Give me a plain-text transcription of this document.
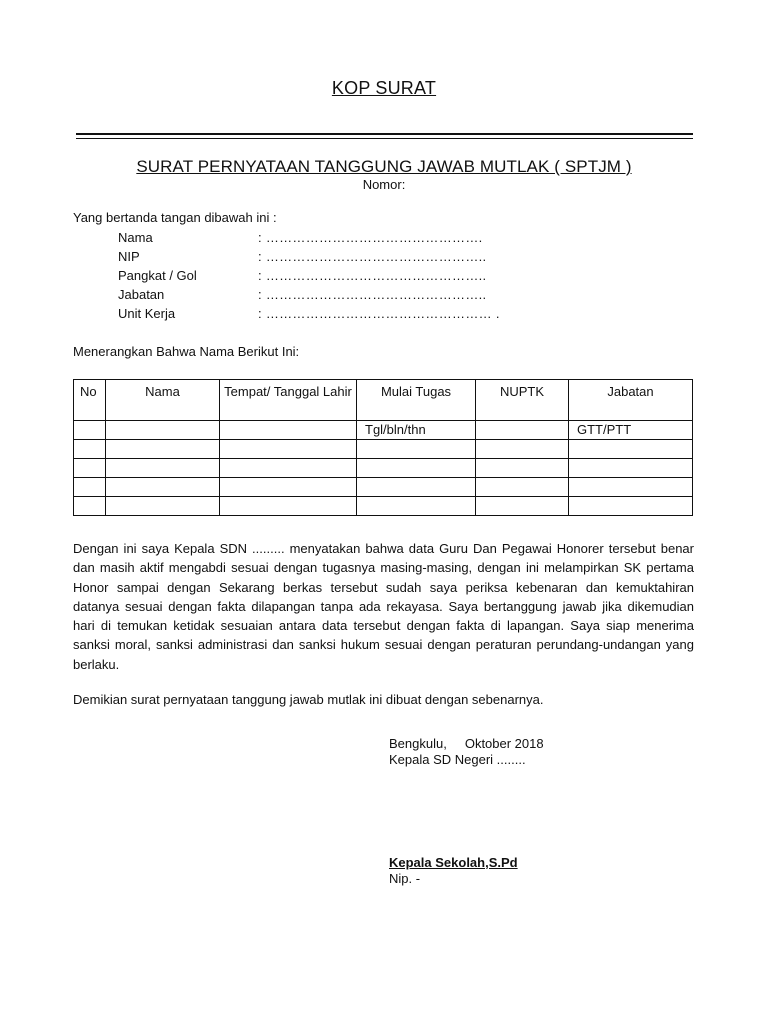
KOP SURAT
SURAT PERNYATAAN TANGGUNG JAWAB MUTLAK ( SPTJM )
Nomor:
Yang bertanda tangan dibawah ini :
Nama	: ………………………………………….
NIP	: …………………………………………..
Pangkat / Gol	: …………………………………………..
Jabatan	: …………………………………………..
Unit Kerja	: …………………………………………… .
Menerangkan Bahwa Nama Berikut Ini:
No	Nama	Tempat/ Tanggal Lahir	Mulai Tugas	NUPTK	Jabatan
			Tgl/bln/thn		GTT/PTT

Dengan ini saya Kepala SDN ......... menyatakan bahwa data Guru Dan Pegawai Honorer tersebut benar
dan masih aktif mengabdi sesuai dengan tugasnya masing-masing, dengan ini melampirkan SK pertama
Honor sampai dengan Sekarang berkas tersebut sudah saya periksa kebenaran dan kemuktahiran
datanya sesuai dengan fakta dilapangan tanpa ada rekayasa. Saya bertanggung jawab jika dikemudian
hari di temukan ketidak sesuaian antara data tersebut dengan fakta di lapangan. Saya siap menerima
sanksi moral, sanksi administrasi dan sanksi hukum sesuai dengan peraturan perundang-undangan yang
berlaku.
Demikian surat pernyataan tanggung jawab mutlak ini dibuat dengan sebenarnya.
Bengkulu, Oktober 2018
Kepala SD Negeri ........
Kepala Sekolah,S.Pd
Nip. -
